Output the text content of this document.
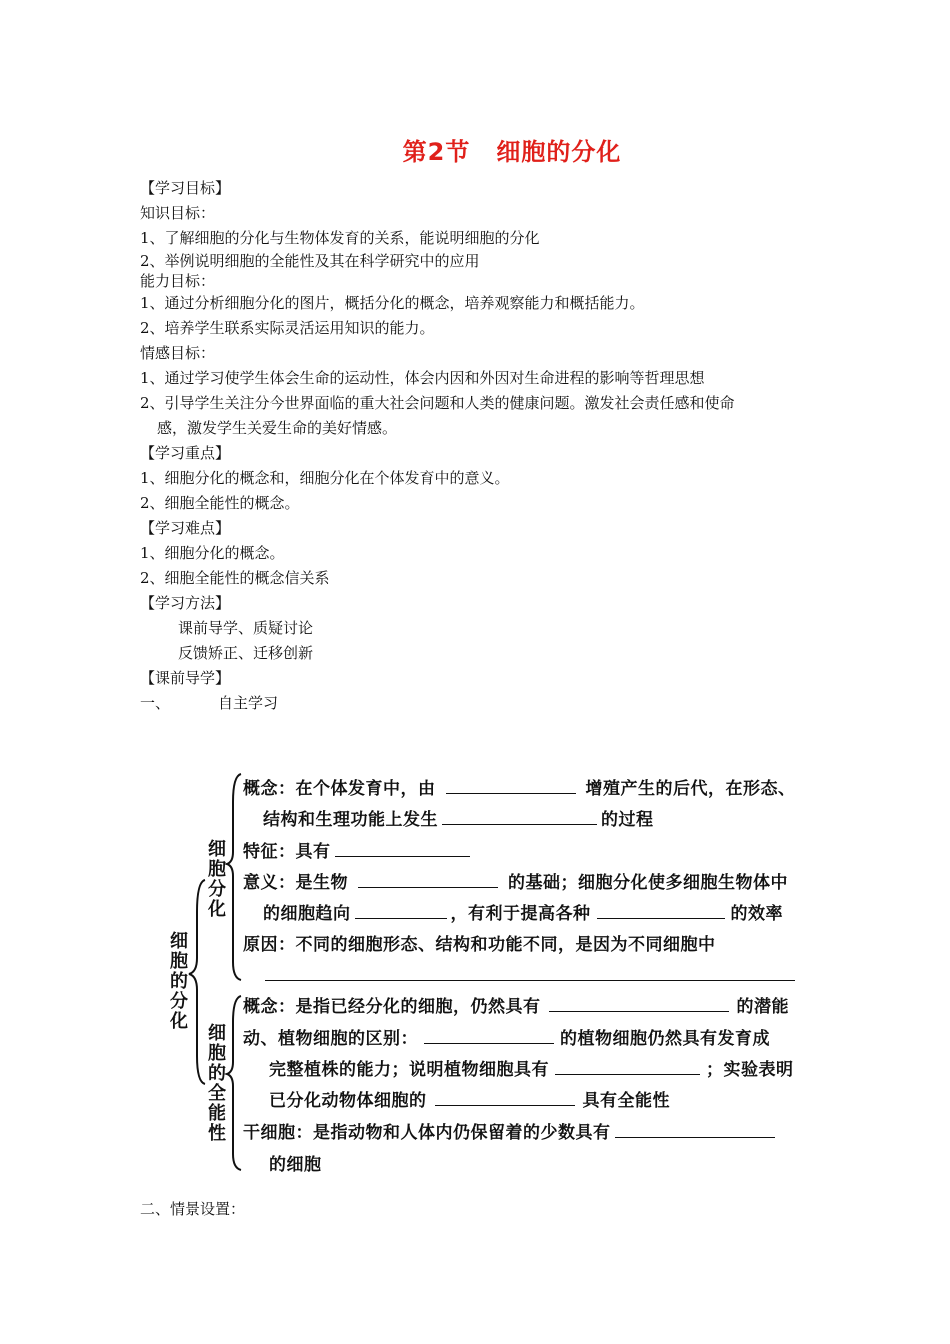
第2节 细胞的分化
【学习目标】
知识目标：
1、了解细胞的分化与生物体发育的关系，能说明细胞的分化
2、举例说明细胞的全能性及其在科学研究中的应用
能力目标：
1、通过分析细胞分化的图片，概括分化的概念，培养观察能力和概括能力。
2、培养学生联系实际灵活运用知识的能力。
情感目标：
1、通过学习使学生体会生命的运动性，体会内因和外因对生命进程的影响等哲理思想
2、引导学生关注分今世界面临的重大社会问题和人类的健康问题。激发社会责任感和使命
感，激发学生关爱生命的美好情感。
【学习重点】
1、细胞分化的概念和，细胞分化在个体发育中的意义。
2、细胞全能性的概念。
【学习难点】
1、细胞分化的概念。
2、细胞全能性的概念信关系
【学习方法】
课前导学、质疑讨论
反馈矫正、迁移创新
【课前导学】
一、	自主学习
细胞的分化
细胞分化
细胞的全能性
概念：在个体发育中，由	增殖产生的后代，在形态、
结构和生理功能上发生	的过程
特征：具有
意义：是生物	的基础；细胞分化使多细胞生物体中
的细胞趋向	，有利于提高各种	的效率
原因：不同的细胞形态、结构和功能不同，是因为不同细胞中
概念：是指已经分化的细胞，仍然具有	的潜能
动、植物细胞的区别：	的植物细胞仍然具有发育成
完整植株的能力；说明植物细胞具有	；实验表明
已分化动物体细胞的	具有全能性
干细胞：是指动物和人体内仍保留着的少数具有
的细胞
二、情景设置：
